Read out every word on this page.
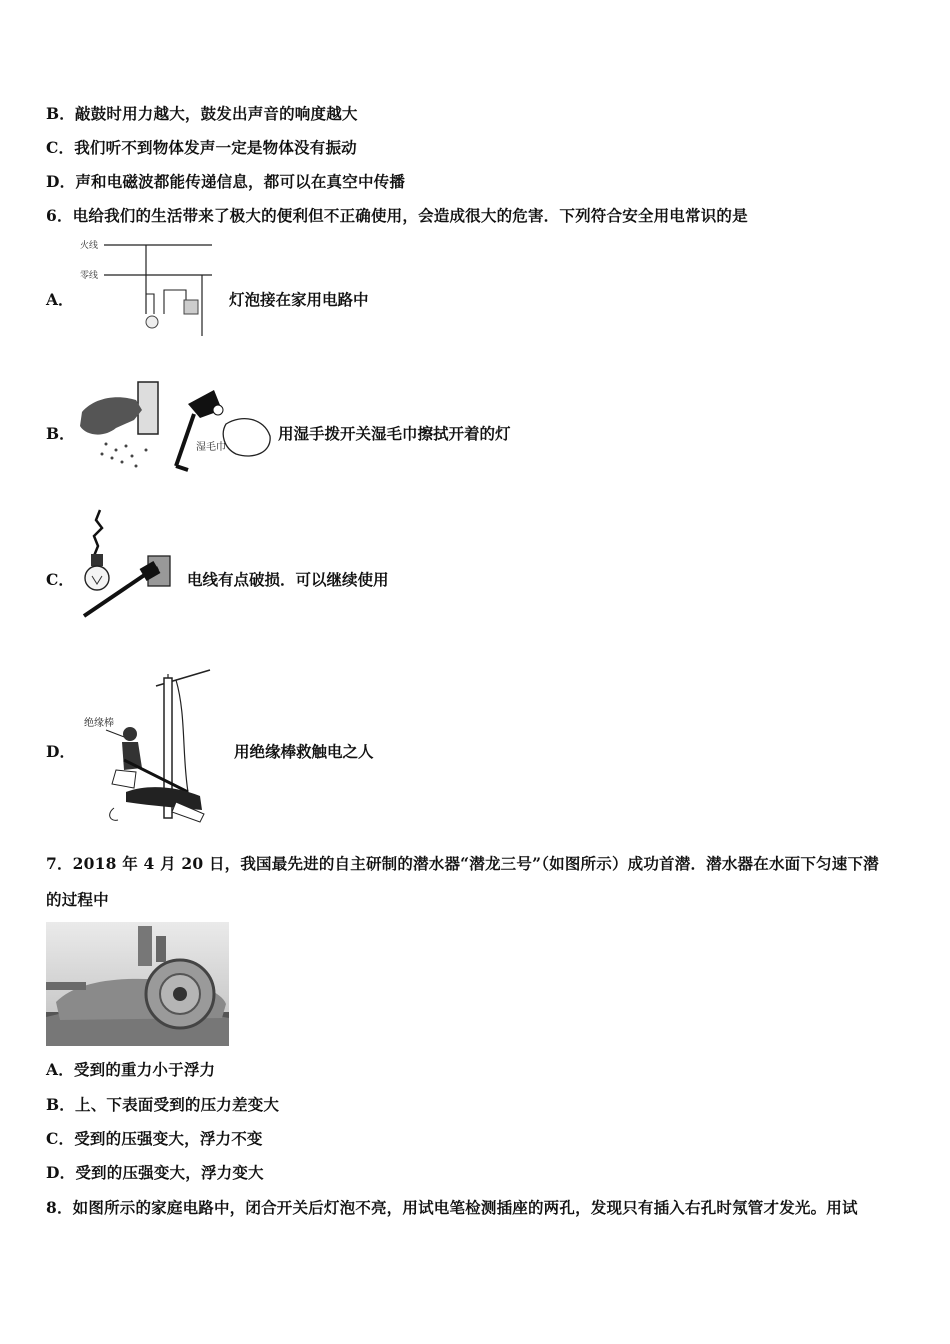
B．敲鼓时用力越大，鼓发出声音的响度越大
C．我们听不到物体发声一定是物体没有振动
D．声和电磁波都能传递信息，都可以在真空中传播
6．电给我们的生活带来了极大的便利但不正确使用，会造成很大的危害．下列符合安全用电常识的是
A．
火线
零线
灯泡接在家用电路中
B．
湿毛巾
用湿手拨开关湿毛巾擦拭开着的灯
C．	电线有点破损．可以继续使用
D．
绝缘棒
用绝缘棒救触电之人
7．2018 年 4 月 20 日，我国最先进的自主研制的潜水器“潜龙三号”（如图所示）成功首潜．潜水器在水面下匀速下潜
的过程中
A．受到的重力小于浮力
B．上、下表面受到的压力差变大
C．受到的压强变大，浮力不变
D．受到的压强变大，浮力变大
8．如图所示的家庭电路中，闭合开关后灯泡不亮，用试电笔检测插座的两孔，发现只有插入右孔时氖管才发光。用试
